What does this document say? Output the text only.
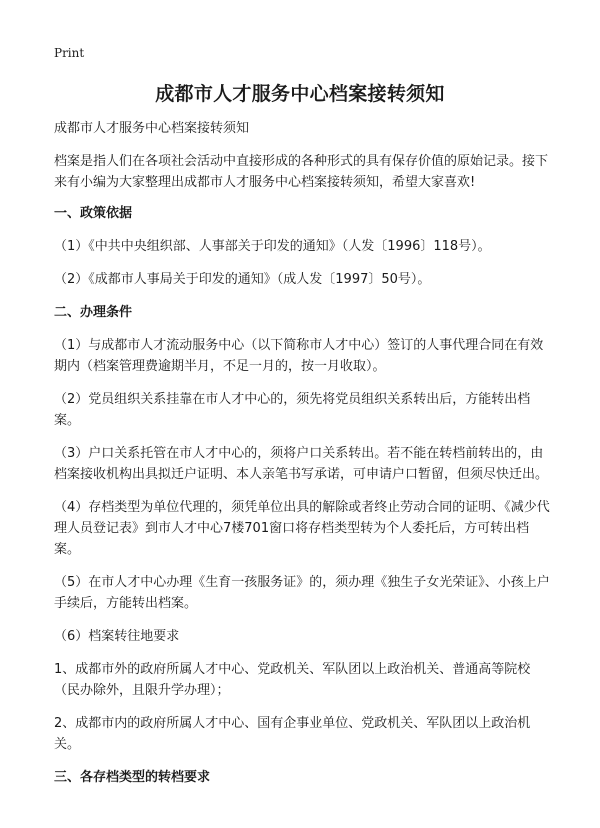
Print
成都市人才服务中心档案接转须知

成都市人才服务中心档案接转须知

档案是指人们在各项社会活动中直接形成的各种形式的具有保存价值的原始记录。接下来有小编为大家整理出成都市人才服务中心档案接转须知，希望大家喜欢!

一、政策依据

（1）《中共中央组织部、人事部关于印发的通知》（人发〔1996〕118号）。

（2）《成都市人事局关于印发的通知》（成人发〔1997〕50号）。

二、办理条件

（1）与成都市人才流动服务中心（以下简称市人才中心）签订的人事代理合同在有效期内（档案管理费逾期半月，不足一月的，按一月收取）。

（2）党员组织关系挂靠在市人才中心的，须先将党员组织关系转出后，方能转出档案。

（3）户口关系托管在市人才中心的，须将户口关系转出。若不能在转档前转出的，由档案接收机构出具拟迁户证明、本人亲笔书写承诺，可申请户口暂留，但须尽快迁出。

（4）存档类型为单位代理的，须凭单位出具的解除或者终止劳动合同的证明、《减少代理人员登记表》到市人才中心7楼701窗口将存档类型转为个人委托后，方可转出档案。

（5）在市人才中心办理《生育一孩服务证》的，须办理《独生子女光荣证》、小孩上户手续后，方能转出档案。

（6）档案转往地要求

1、成都市外的政府所属人才中心、党政机关、军队团以上政治机关、普通高等院校（民办除外，且限升学办理）；

2、成都市内的政府所属人才中心、国有企事业单位、党政机关、军队团以上政治机关。

三、各存档类型的转档要求
